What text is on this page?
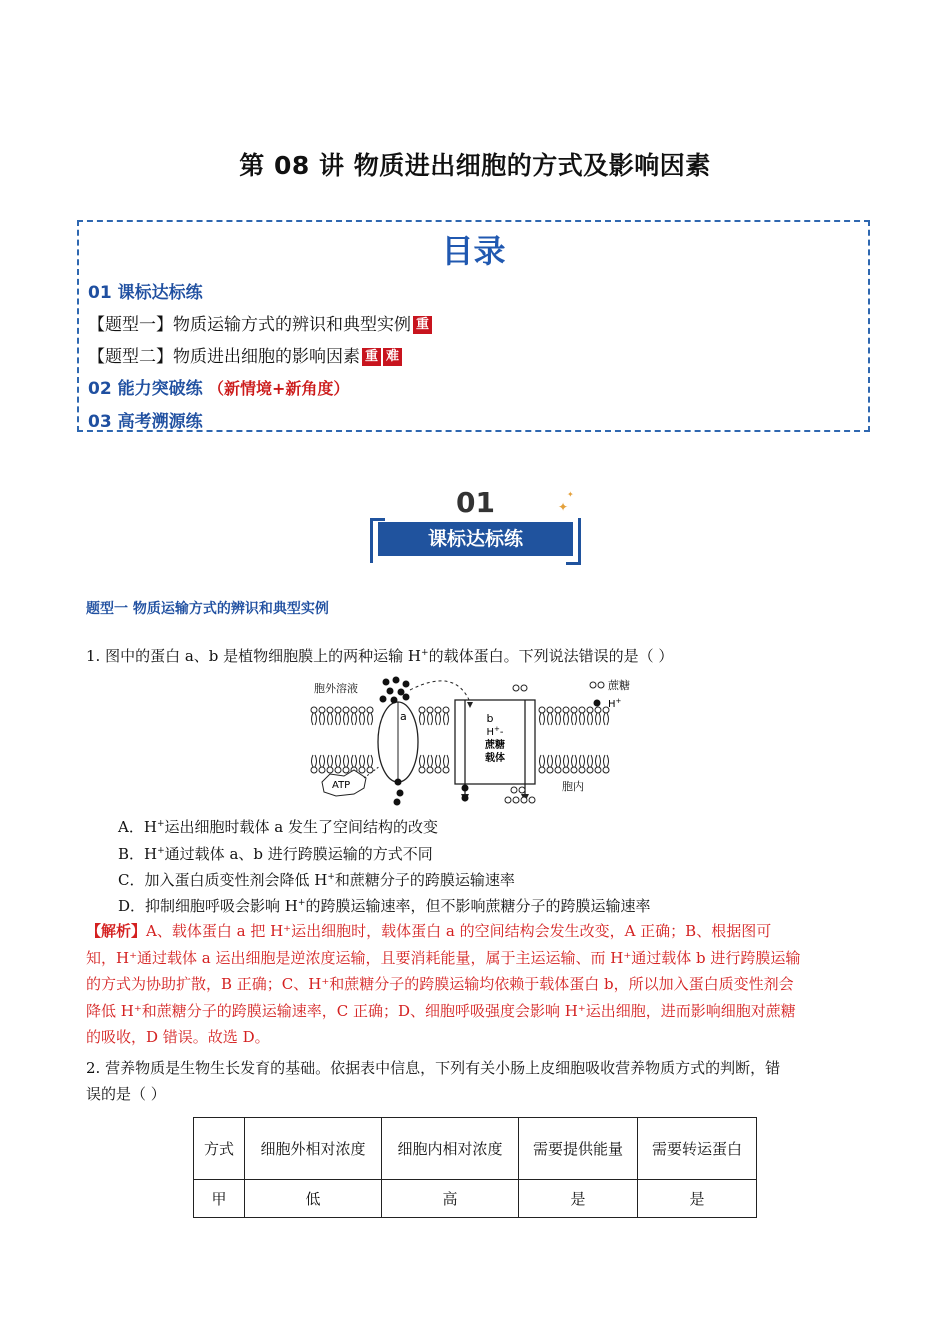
第 08 讲 物质进出细胞的方式及影响因素
目录
01 课标达标练
【题型一】物质运输方式的辨识和典型实例 重
【题型二】物质进出细胞的影响因素 重 难
02 能力突破练 （新情境+新角度）
03 高考溯源练
01
课标达标练
✦
✦
题型一 物质运输方式的辨识和典型实例
1. 图中的蛋白 a、b 是植物细胞膜上的两种运输 H+的载体蛋白。下列说法错误的是（ ）
胞外溶液
胞内
a	b
H+-
蔗糖
载体
蔗糖
H+
ATP
A．H+运出细胞时载体 a 发生了空间结构的改变
B．H+通过载体 a、b 进行跨膜运输的方式不同
C．加入蛋白质变性剂会降低 H+和蔗糖分子的跨膜运输速率
D．抑制细胞呼吸会影响 H+的跨膜运输速率，但不影响蔗糖分子的跨膜运输速率
【解析】A、载体蛋白 a 把 H⁺运出细胞时，载体蛋白 a 的空间结构会发生改变，A 正确；B、根据图可
知，H⁺通过载体 a 运出细胞是逆浓度运输，且要消耗能量，属于主运运输、而 H⁺通过载体 b 进行跨膜运输
的方式为协助扩散，B 正确；C、H⁺和蔗糖分子的跨膜运输均依赖于载体蛋白 b，所以加入蛋白质变性剂会
降低 H⁺和蔗糖分子的跨膜运输速率，C 正确；D、细胞呼吸强度会影响 H⁺运出细胞，进而影响细胞对蔗糖
的吸收，D 错误。故选 D。
2. 营养物质是生物生长发育的基础。依据表中信息，下列有关小肠上皮细胞吸收营养物质方式的判断，错
误的是（ ）
方式	细胞外相对浓度	细胞内相对浓度	需要提供能量	需要转运蛋白
甲	低	高	是	是
